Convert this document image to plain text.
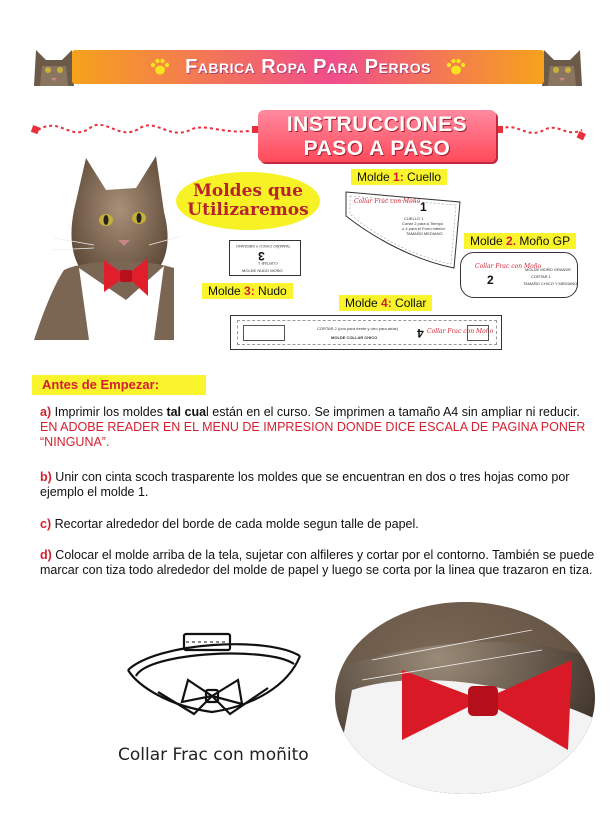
Fabrica Ropa Para Perros
INSTRUCCIONES
PASO A PASO
Moldes que
Utilizaremos
Molde 1: Cuello
Collar Frac con Moño 1
CUELLO 1
Cortar 2 para a Tiempo
o 4 para el Forro interior
TAMAÑO MEDIANO
Molde 2. Moño GP
Collar Frac con Moño
2
MOLDE MOÑO GRANDE
CORTAR 1
TAMAÑO CHICO Y MEDIANO
TAMAÑO CHICO Y MEDIANO
3
CORTAR 1
MOLDE NUDO MOÑO
Molde 3: Nudo
Molde 4: Collar
CORTAR 2 (uno para frente y otro para atrás)
MOLDE COLLAR CHICO	4 Collar Frac con Moño
Antes de Empezar:
a) Imprimir los moldes tal cual están en el curso. Se imprimen a tamaño A4 sin ampliar ni reducir. EN ADOBE READER EN EL MENU DE IMPRESION DONDE DICE ESCALA DE PAGINA PONER “NINGUNA”.
b) Unir con cinta scoch trasparente los moldes que se encuentran en dos o tres hojas como por ejemplo el molde 1.
c) Recortar alrededor del borde de cada molde segun talle de papel.
d) Colocar el molde arriba de la tela, sujetar con alfileres y cortar por el contorno. También se puede marcar con tiza todo alrededor del molde de papel y luego se corta por la linea que trazaron en tiza.
Collar Frac con moñito
